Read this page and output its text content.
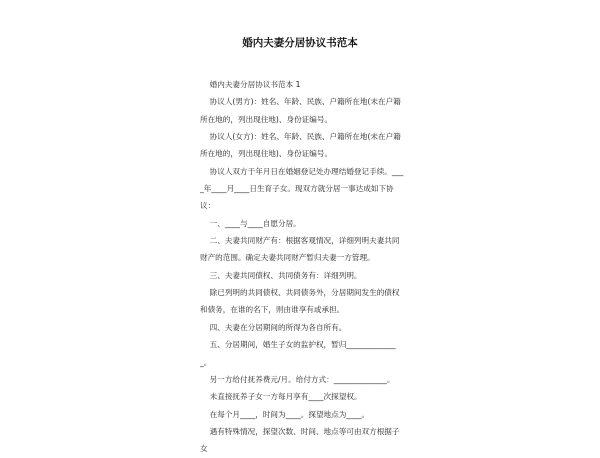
婚内夫妻分居协议书范本

婚内夫妻分居协议书范本 1

协议人(男方)：姓名、年龄、民族、户籍所在地(未在户籍所在地的，列出现住地)、身份证编号。

协议人(女方)：姓名、年龄、民族、户籍所在地(未在户籍所在地的，列出现住地)、身份证编号。

协议人双方于年月日在婚姻登记处办理结婚登记手续。____年____月____日生育子女。现双方就分居一事达成如下协议：

一、____与____自愿分居。

二、夫妻共同财产有：根据客观情况，详细列明夫妻共同财产的范围。确定夫妻共同财产暂归夫妻一方管理。

三、夫妻共同债权、共同债务有：详细列明。

除已列明的共同债权、共同债务外，分居期间发生的债权和债务，在谁的名下，则由谁享有或承担。

四、夫妻在分居期间的所得为各自所有。

五、分居期间，婚生子女的监护权，暂归______________。

另一方给付抚养费元/月。给付方式：______________。

未直接抚养子女一方每月享有____次探望权。

在每个月____，时间为____。探望地点为____。

遇有特殊情况，探望次数、时间、地点等可由双方根据子女
